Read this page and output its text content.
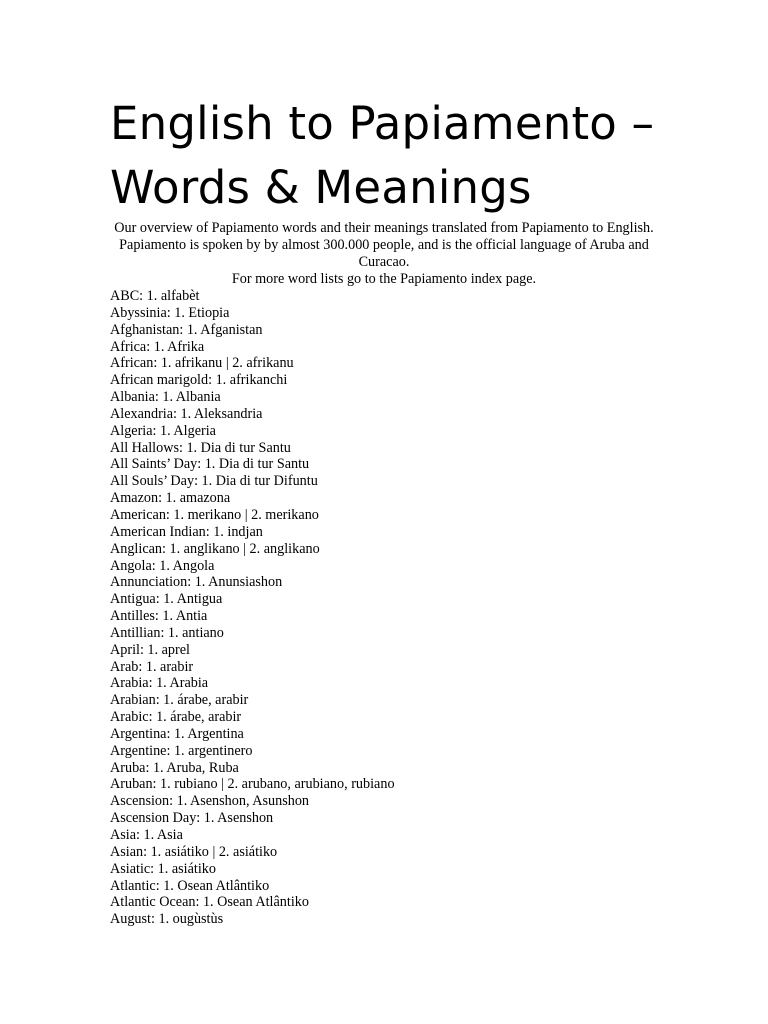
English to Papiamento –
Words & Meanings

Our overview of Papiamento words and their meanings translated from Papiamento to English. Papiamento is spoken by by almost 300.000 people, and is the official language of Aruba and Curacao.

For more word lists go to the Papiamento index page.

ABC: 1. alfabèt
Abyssinia: 1. Etiopia
Afghanistan: 1. Afganistan
Africa: 1. Afrika
African: 1. afrikanu | 2. afrikanu
African marigold: 1. afrikanchi
Albania: 1. Albania
Alexandria: 1. Aleksandria
Algeria: 1. Algeria
All Hallows: 1. Dia di tur Santu
All Saints’ Day: 1. Dia di tur Santu
All Souls’ Day: 1. Dia di tur Difuntu
Amazon: 1. amazona
American: 1. merikano | 2. merikano
American Indian: 1. indjan
Anglican: 1. anglikano | 2. anglikano
Angola: 1. Angola
Annunciation: 1. Anunsiashon
Antigua: 1. Antigua
Antilles: 1. Antia
Antillian: 1. antiano
April: 1. aprel
Arab: 1. arabir
Arabia: 1. Arabia
Arabian: 1. árabe, arabir
Arabic: 1. árabe, arabir
Argentina: 1. Argentina
Argentine: 1. argentinero
Aruba: 1. Aruba, Ruba
Aruban: 1. rubiano | 2. arubano, arubiano, rubiano
Ascension: 1. Asenshon, Asunshon
Ascension Day: 1. Asenshon
Asia: 1. Asia
Asian: 1. asiátiko | 2. asiátiko
Asiatic: 1. asiátiko
Atlantic: 1. Osean Atlântiko
Atlantic Ocean: 1. Osean Atlântiko
August: 1. ougùstùs
